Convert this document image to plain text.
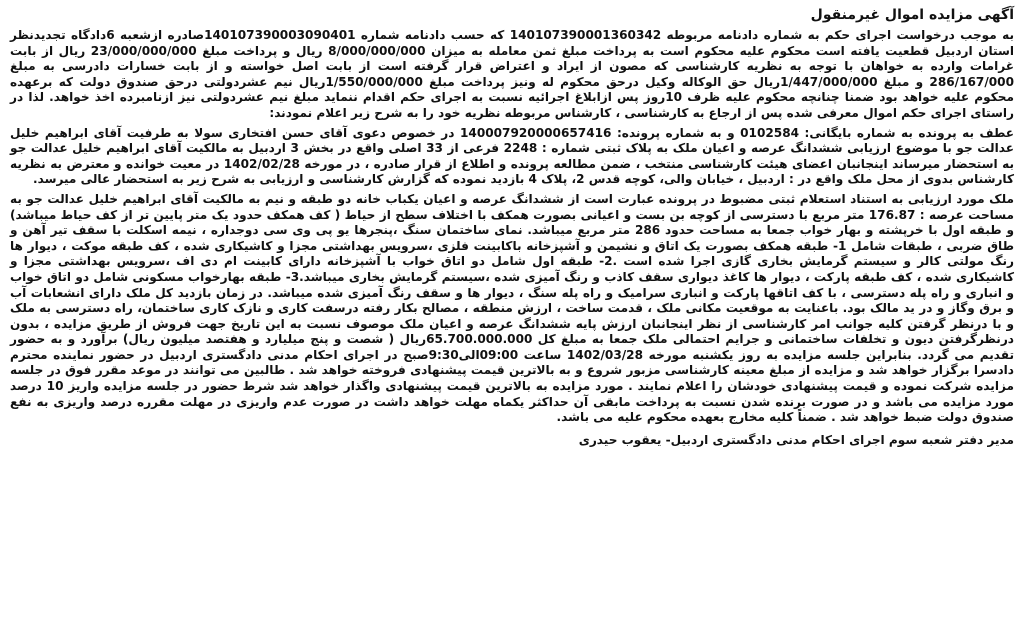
آگهی مزایده اموال غیرمنقول

به موجب درخواست اجرای حکم به شماره دادنامه مربوطه 140107390001360342 که حسب دادنامه شماره 140107390003090401صادره ازشعبه 6دادگاه تجدیدنظر استان اردبیل قطعیت یافته است محکوم علیه محکوم است به پرداخت مبلغ ثمن معامله به میزان 8/000/000/000 ریال و پرداخت مبلغ 23/000/000/000 ریال از بابت غرامات وارده به خواهان با توجه به نظریه کارشناسی که مصون از ایراد و اعتراض قرار گرفته است از بابت اصل خواسته و از بابت خسارات دادرسی به مبلغ 286/167/000 و مبلغ 1/447/000/000ریال حق الوکاله وکیل درحق محکوم له ونیز پرداخت مبلغ 1/550/000/000ریال نیم عشردولتی درحق صندوق دولت که برعهده محکوم علیه خواهد بود ضمنا چنانچه محکوم علیه ظرف 10روز پس ازابلاغ اجرائیه نسبت به اجرای حکم اقدام ننماید مبلغ نیم عشردولتی نیز ازنامبرده اخذ خواهد. لذا در راستای اجرای حکم اموال معرفی شده پس از ارجاع به کارشناسی ، کارشناس مربوطه نظریه خود را به شرح زیر اعلام نمودند:

عطف به پرونده به شماره بایگانی: 0102584 و به شماره پرونده: 140007920000657416 در خصوص دعوی آقای حسن افتخاری سولا به طرفیت آقای ابراهیم خلیل عدالت جو با موضوع ارزیابی ششدانگ عرصه و اعیان ملک به پلاک ثبتی شماره : 2248 فرعی از 33 اصلی واقع در بخش 3 اردبیل به مالکیت آقای ابراهیم خلیل عدالت جو به استحضار میرساند اینجانبان اعضای هیئت کارشناسی منتخب ، ضمن مطالعه پرونده و اطلاع از قرار صادره ، در مورخه 1402/02/28 در معیت خوانده و معترض به نظریه کارشناس بدوی از محل ملک واقع در : اردبیل ، خیابان والی، کوچه قدس 2، پلاک 4 بازدید نموده که گزارش کارشناسی و ارزیابی به شرح زیر به استحضار عالی میرسد.

ملک مورد ارزیابی به استناد استعلام ثبتی مضبوط در پرونده عبارت است از ششدانگ عرصه و اعیان یکباب خانه دو طبقه و نیم به مالکیت آقای ابراهیم خلیل عدالت جو به مساحت عرصه : 176.87 متر مربع با دسترسی از کوچه بن بست و اعیانی بصورت همکف با اختلاف سطح از حیاط ( کف همکف حدود یک متر پایین تر از کف حیاط میباشد) و طبقه اول با خرپشته و بهار خواب جمعا به مساحت حدود 286 متر مربع میباشد. نمای ساختمان سنگ ،پنجرها یو پی وی سی دوجداره ، نیمه اسکلت با سقف تیر آهن و طاق ضربی ، طبقات شامل 1- طبقه همکف بصورت یک اتاق و نشیمن و آشپزخانه باکابینت فلزی ،سرویس بهداشتی مجزا و کاشیکاری شده ، کف طبقه موکت ، دیوار ها رنگ مولتی کالر و سیستم گرمایش بخاری گازی اجرا شده است .2- طبقه اول شامل دو اتاق خواب با آشپزخانه دارای کابینت ام دی اف ،سرویس بهداشتی مجزا و کاشیکاری شده ، کف طبقه پارکت ، دیوار ها کاغذ دیواری سقف کاذب و رنگ آمیزی شده ،سیستم گرمایش بخاری میباشد.3- طبقه بهارخواب مسکونی شامل دو اتاق خواب و انباری و راه پله دسترسی ، با کف اتاقها پارکت و انباری سرامیک و راه پله سنگ ، دیوار ها و سقف رنگ آمیزی شده میباشد. در زمان بازدید کل ملک دارای انشعابات آب و برق وگاز و در ید مالک بود. باعنایت به موقعیت مکانی ملک ، قدمت ساخت ، ارزش منطقه ، مصالح بکار رفته درسفت کاری و نازک کاری ساختمان، راه دسترسی به ملک و با درنظر گرفتن کلیه جوانب امر کارشناسی از نظر اینجانبان ارزش پایه ششدانگ عرصه و اعیان ملک موصوف نسبت به این تاریخ جهت فروش از طریق مزایده ، بدون درنظرگرفتن دیون و تخلفات ساختمانی و جرایم احتمالی ملک جمعا به مبلغ کل 65.700.000.000ریال ( شصت و پنج میلیارد و هفتصد میلیون ریال) برآورد و به حضور تقدیم می گردد. بنابراین جلسه مزایده به روز یکشنبه مورخه 1402/03/28 ساعت 09:00الی9:30صبح در اجرای احکام مدنی دادگستری اردبیل در حضور نماینده محترم دادسرا برگزار خواهد شد و مزایده از مبلغ معینه کارشناسی مزبور شروع و به بالاترین قیمت پیشنهادی فروخته خواهد شد . طالبین می توانند در موعد مقرر فوق در جلسه مزایده شرکت نموده و قیمت پیشنهادی خودشان را اعلام نمایند . مورد مزایده به بالاترین قیمت پیشنهادی واگذار خواهد شد شرط حضور در جلسه مزایده واریز 10 درصد مورد مزایده می باشد و در صورت برنده شدن نسبت به پرداخت مابقی آن حداکثر یکماه مهلت خواهد داشت در صورت عدم واریزی در مهلت مقرره درصد واریزی به نفع صندوق دولت ضبط خواهد شد . ضمناً کلیه مخارج بعهده محکوم علیه می باشد.

مدیر دفتر شعبه سوم اجرای احکام مدنی دادگستری اردبیل- یعقوب حیدری
